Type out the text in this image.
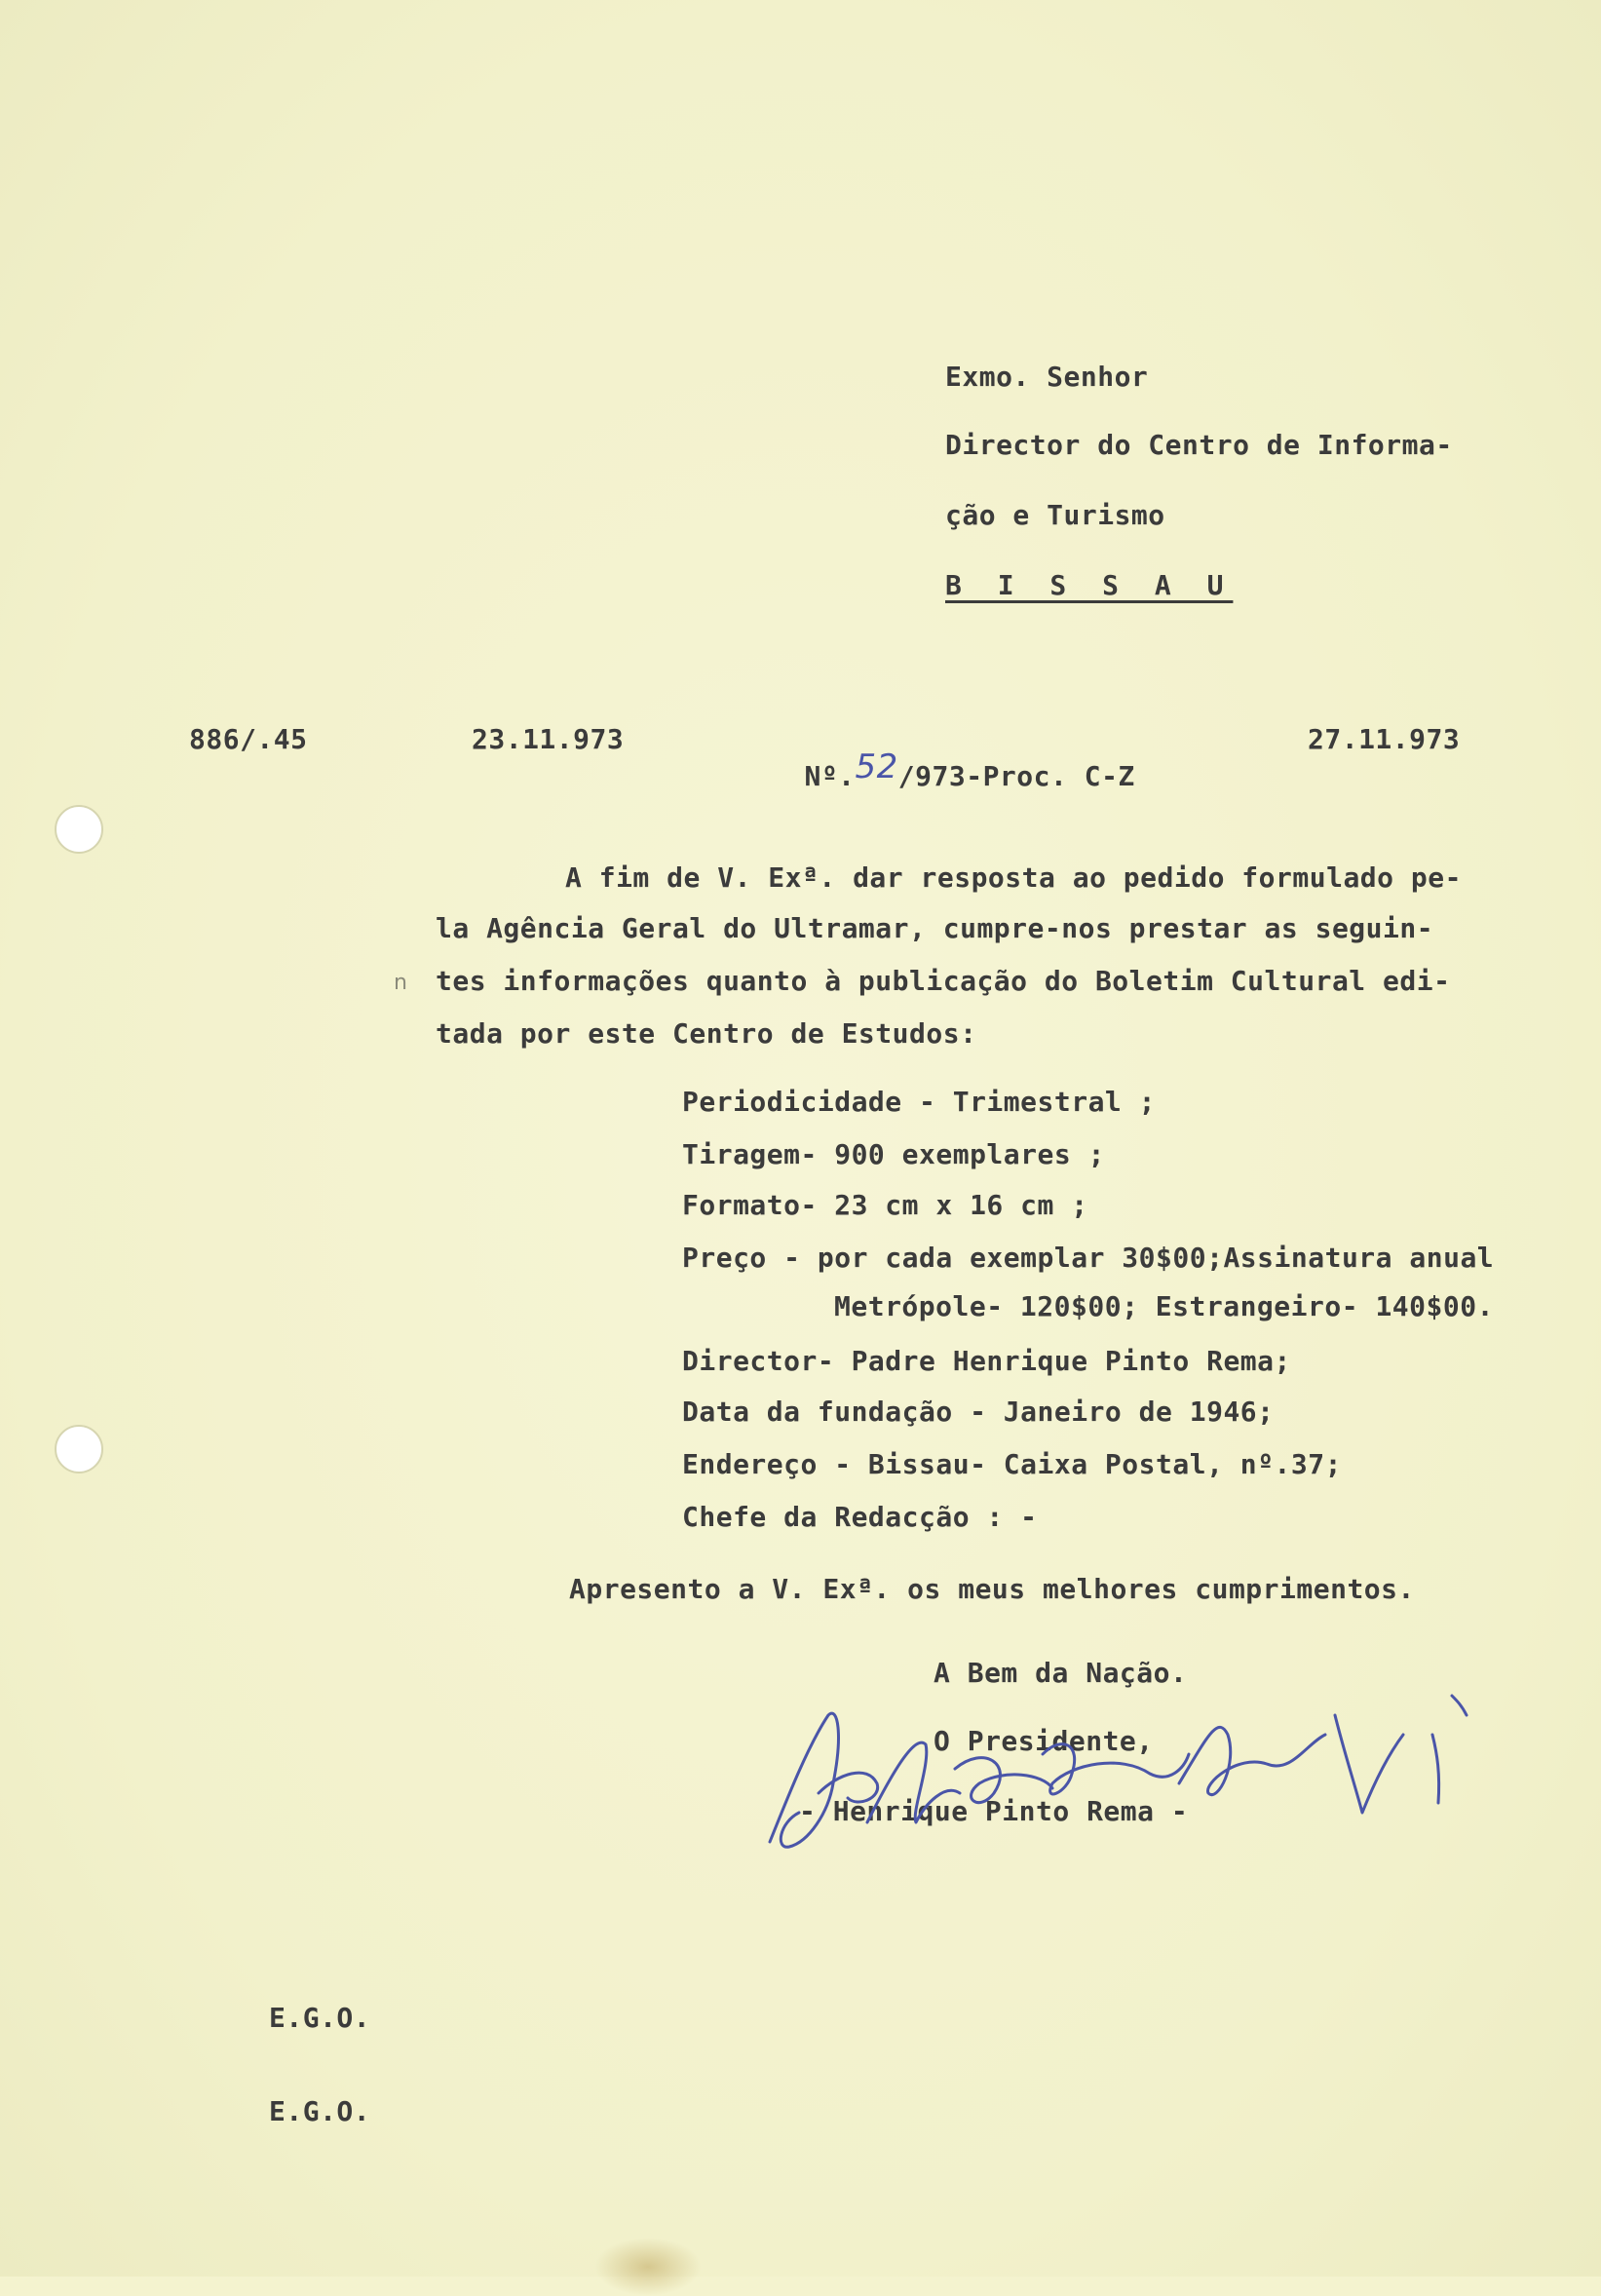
Exmo. Senhor
Director do Centro de Informa-
ção e Turismo
B I S S A U
886/.45	23.11.973

Nº.52/973-Proc. C-Z

27.11.973
A fim de V. Exª. dar resposta ao pedido formulado pe-
la Agência Geral do Ultramar, cumpre-nos prestar as seguin-
n tes informações quanto à publicação do Boletim Cultural edi-
tada por este Centro de Estudos:
Periodicidade - Trimestral ;
Tiragem- 900 exemplares ;
Formato- 23 cm x 16 cm ;
Preço - por cada exemplar 30$00;Assinatura anual
Metrópole- 120$00; Estrangeiro- 140$00.
Director- Padre Henrique Pinto Rema;
Data da fundação - Janeiro de 1946;
Endereço - Bissau- Caixa Postal, nº.37;
Chefe da Redacção : -
Apresento a V. Exª. os meus melhores cumprimentos.
A Bem da Nação.
O Presidente,
- Henrique Pinto Rema -
E.G.O.
E.G.O.
